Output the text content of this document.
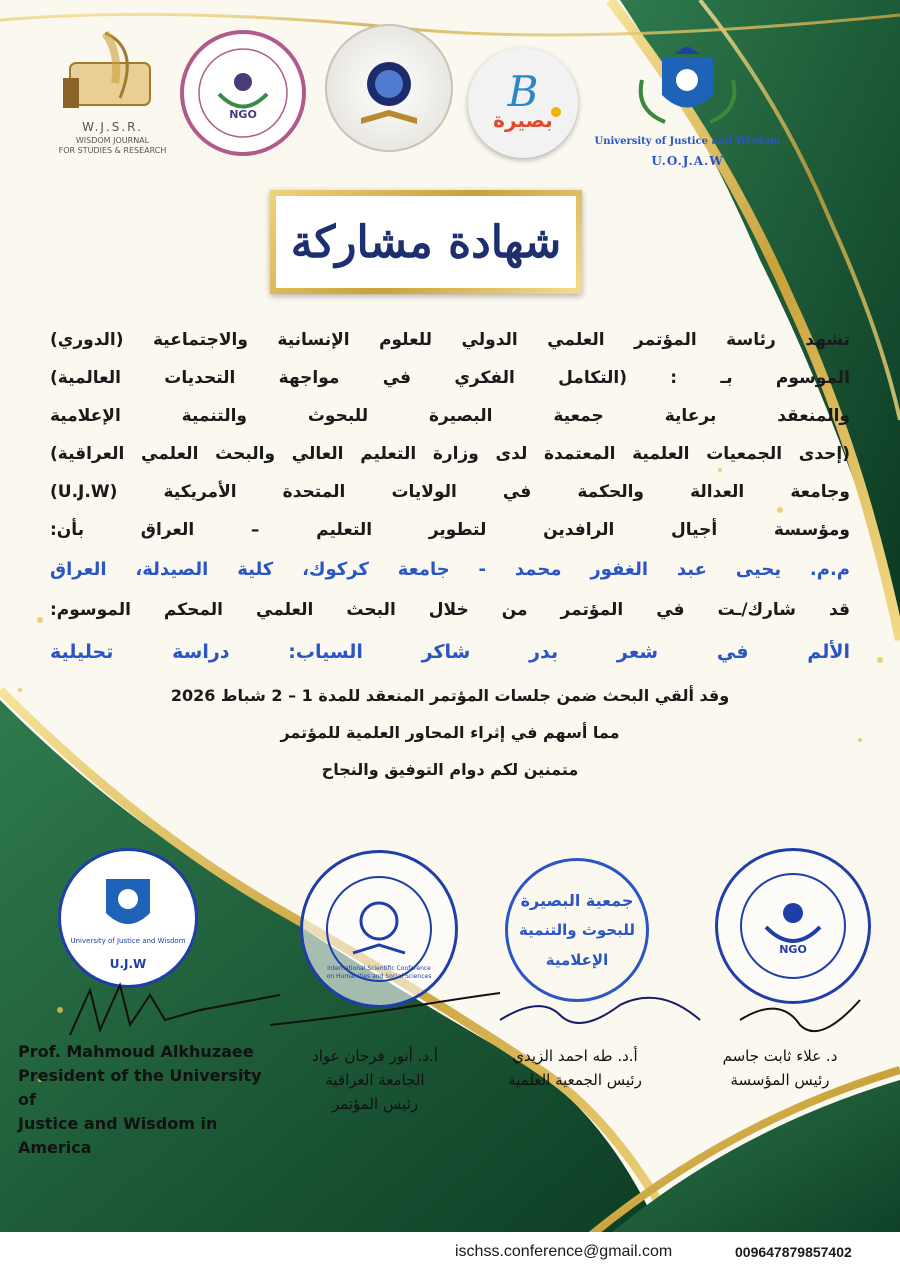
W.J.S.R.
WISDOM JOURNAL
FOR STUDIES & RESEARCH
NGO	B
بصيرة
University of Justice and Wisdom
U.O.J.A.W
شهادة مشاركة
تشهد رئاسة المؤتمر العلمي الدولي للعلوم الإنسانية والاجتماعية (الدوري)
الموسوم بـ : (التكامل الفكري في مواجهة التحديات العالمية)
والمنعقد برعاية جمعية البصيرة للبحوث والتنمية الإعلامية
(إحدى الجمعيات العلمية المعتمدة لدى وزارة التعليم العالي والبحث العلمي العراقية)
وجامعة العدالة والحكمة في الولايات المتحدة الأمريكية (U.J.W)
ومؤسسة أجيال الرافدين لتطوير التعليم – العراق بأن:
م.م. يحيى عبد الغفور محمد - جامعة كركوك، كلية الصيدلة، العراق
قد شارك/ـت في المؤتمر من خلال البحث العلمي المحكم الموسوم:
الألم في شعر بدر شاكر السياب: دراسة تحليلية
وقد ألقي البحث ضمن جلسات المؤتمر المنعقد للمدة 1 – 2 شباط 2026
مما أسهم في إثراء المحاور العلمية للمؤتمر
متمنين لكم دوام التوفيق والنجاح
University of Justice and Wisdom
U.J.W	International Scientific Conference on Humanities and Social Sciences
جمعية البصيرة
للبحوث والتنمية
الإعلامية
NGO
Prof. Mahmoud Alkhuzaee
President of the University of
Justice and Wisdom in America
أ.د. أنور فرحان عواد
الجامعة العراقية
رئيس المؤتمر
أ.د. طه احمد الزيدي
رئيس الجمعية العلمية
د. علاء ثابت جاسم
رئيس المؤسسة
ischss.conference@gmail.com	009647879857402
